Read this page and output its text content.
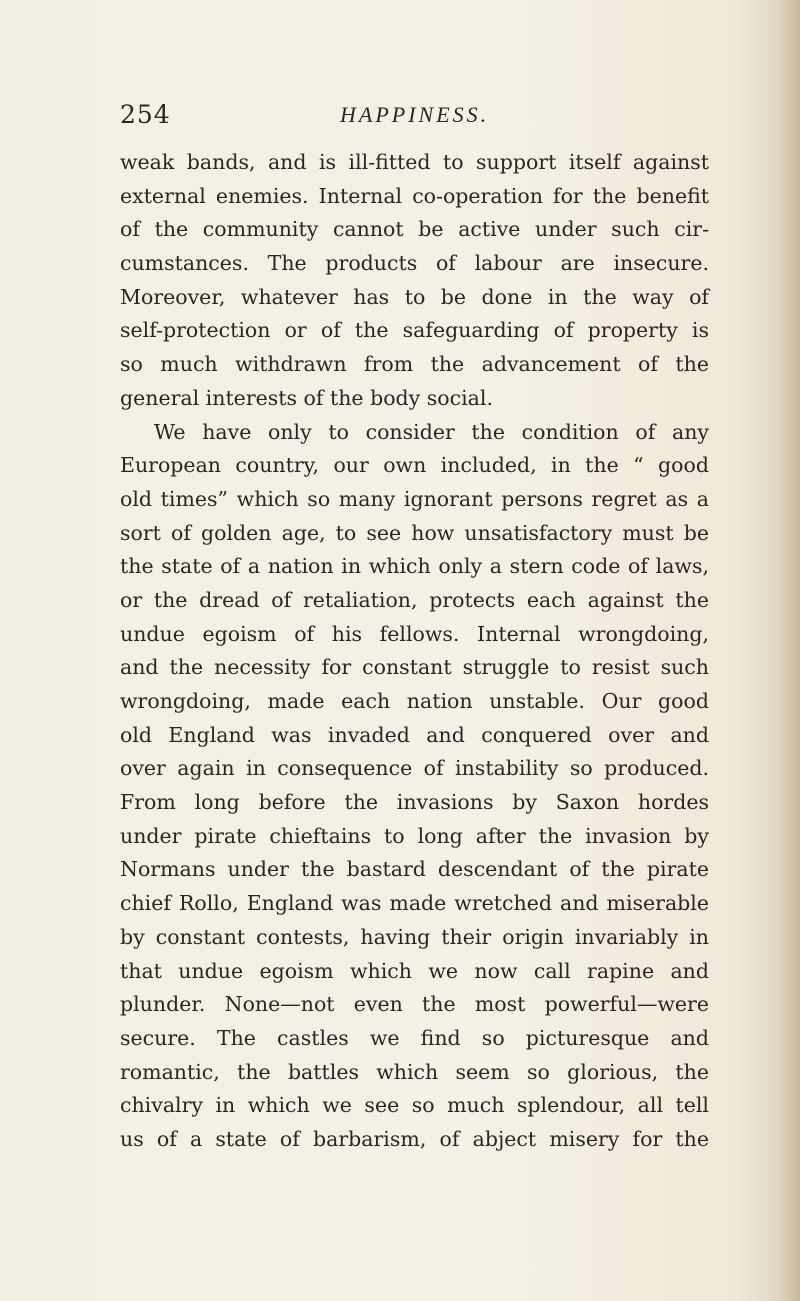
254	HAPPINESS.
weak bands, and is ill-fitted to support itself against
external enemies. Internal co-operation for the benefit
of the community cannot be active under such cir-
cumstances. The products of labour are insecure.
Moreover, whatever has to be done in the way of
self-protection or of the safeguarding of property is
so much withdrawn from the advancement of the
general interests of the body social.
We have only to consider the condition of any
European country, our own included, in the “ good
old times” which so many ignorant persons regret as a
sort of golden age, to see how unsatisfactory must be
the state of a nation in which only a stern code of laws,
or the dread of retaliation, protects each against the
undue egoism of his fellows. Internal wrongdoing,
and the necessity for constant struggle to resist such
wrongdoing, made each nation unstable. Our good
old England was invaded and conquered over and
over again in consequence of instability so produced.
From long before the invasions by Saxon hordes
under pirate chieftains to long after the invasion by
Normans under the bastard descendant of the pirate
chief Rollo, England was made wretched and miserable
by constant contests, having their origin invariably in
that undue egoism which we now call rapine and
plunder. None—not even the most powerful—were
secure. The castles we find so picturesque and
romantic, the battles which seem so glorious, the
chivalry in which we see so much splendour, all tell
us of a state of barbarism, of abject misery for the
